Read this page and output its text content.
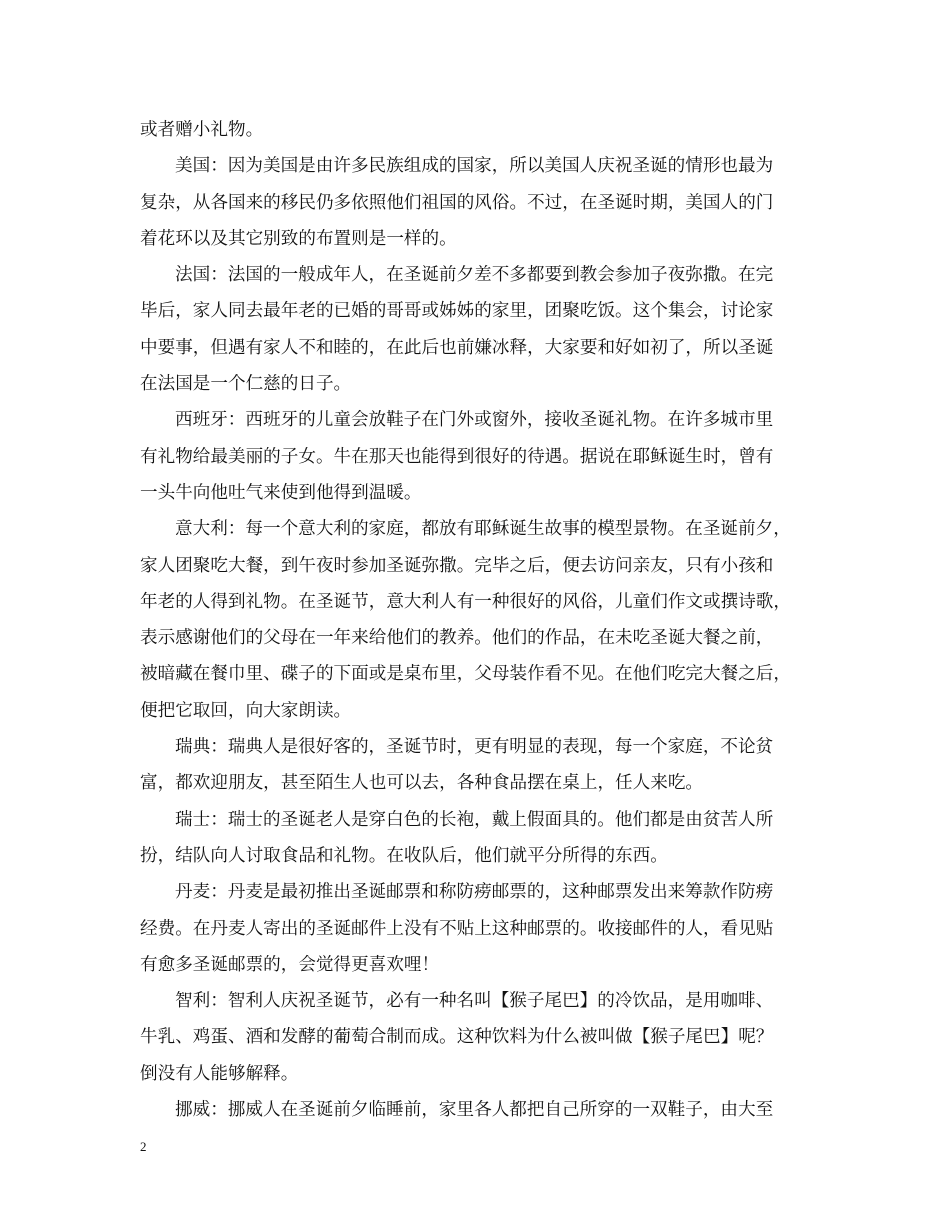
或者赠小礼物。
美国：因为美国是由许多民族组成的国家，所以美国人庆祝圣诞的情形也最为
复杂，从各国来的移民仍多依照他们祖国的风俗。不过，在圣诞时期，美国人的门
着花环以及其它别致的布置则是一样的。
法国：法国的一般成年人，在圣诞前夕差不多都要到教会参加子夜弥撒。在完
毕后，家人同去最年老的已婚的哥哥或姊姊的家里，团聚吃饭。这个集会，讨论家
中要事，但遇有家人不和睦的，在此后也前嫌冰释，大家要和好如初了，所以圣诞
在法国是一个仁慈的日子。
西班牙：西班牙的儿童会放鞋子在门外或窗外，接收圣诞礼物。在许多城市里
有礼物给最美丽的子女。牛在那天也能得到很好的待遇。据说在耶稣诞生时，曾有
一头牛向他吐气来使到他得到温暖。
意大利：每一个意大利的家庭，都放有耶稣诞生故事的模型景物。在圣诞前夕，
家人团聚吃大餐，到午夜时参加圣诞弥撒。完毕之后，便去访问亲友，只有小孩和
年老的人得到礼物。在圣诞节，意大利人有一种很好的风俗，儿童们作文或撰诗歌，
表示感谢他们的父母在一年来给他们的教养。他们的作品，在未吃圣诞大餐之前，
被暗藏在餐巾里、碟子的下面或是桌布里，父母装作看不见。在他们吃完大餐之后，
便把它取回，向大家朗读。
瑞典：瑞典人是很好客的，圣诞节时，更有明显的表现，每一个家庭，不论贫
富，都欢迎朋友，甚至陌生人也可以去，各种食品摆在桌上，任人来吃。
瑞士：瑞士的圣诞老人是穿白色的长袍，戴上假面具的。他们都是由贫苦人所
扮，结队向人讨取食品和礼物。在收队后，他们就平分所得的东西。
丹麦：丹麦是最初推出圣诞邮票和称防痨邮票的，这种邮票发出来筹款作防痨
经费。在丹麦人寄出的圣诞邮件上没有不贴上这种邮票的。收接邮件的人，看见贴
有愈多圣诞邮票的，会觉得更喜欢哩！
智利：智利人庆祝圣诞节，必有一种名叫【猴子尾巴】的冷饮品，是用咖啡、
牛乳、鸡蛋、酒和发酵的葡萄合制而成。这种饮料为什么被叫做【猴子尾巴】呢？
倒没有人能够解释。
挪威：挪威人在圣诞前夕临睡前，家里各人都把自己所穿的一双鞋子，由大至
2
